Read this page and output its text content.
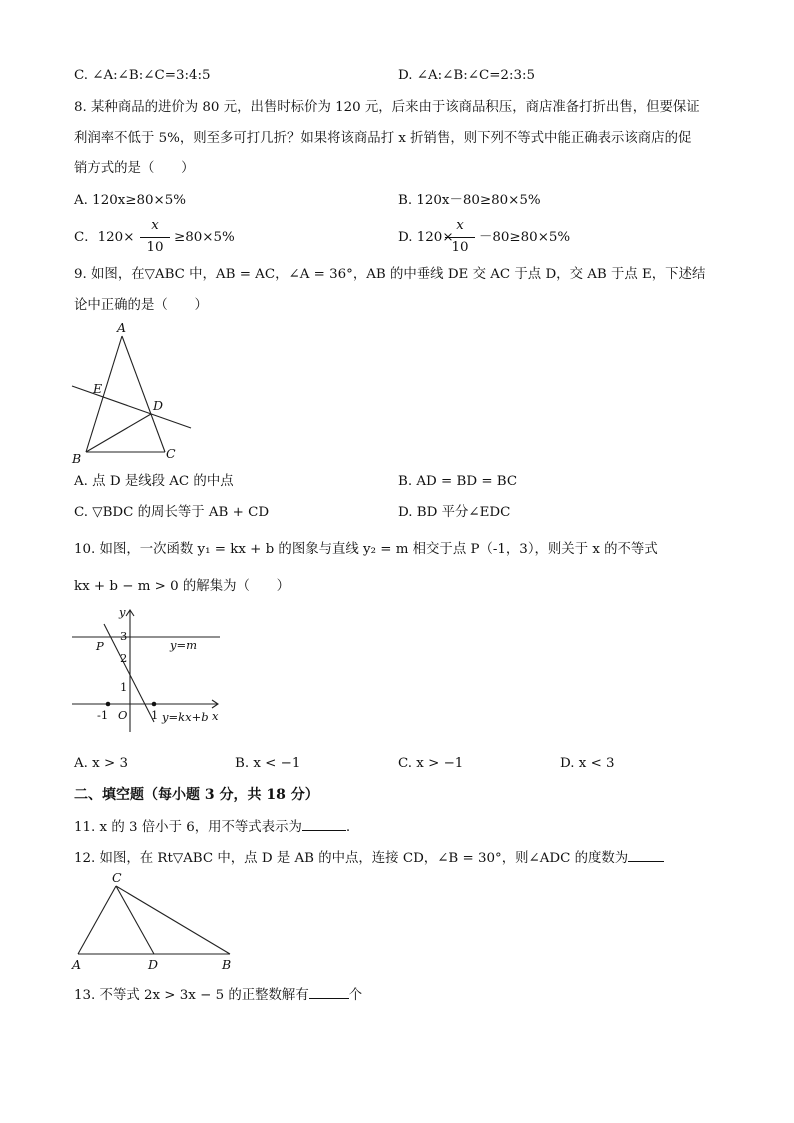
C. ∠A:∠B:∠C=3:4:5	D. ∠A:∠B:∠C=2:3:5
8. 某种商品的进价为 80 元，出售时标价为 120 元，后来由于该商品积压，商店准备打折出售，但要保证
利润率不低于 5%，则至多可打几折？如果将该商品打 x 折销售，则下列不等式中能正确表示该商店的促
销方式的是（　　）
A. 120x≥80×5%	B. 120x－80≥80×5%
C．120×
x
10
≥80×5%	D. 120×
x
10
－80≥80×5%
9. 如图，在▽ABC 中，AB = AC，∠A = 36°，AB 的中垂线 DE 交 AC 于点 D，交 AB 于点 E，下述结
论中正确的是（　　）
A
B	C
D
E
A. 点 D 是线段 AC 的中点	B. AD = BD = BC
C. ▽BDC 的周长等于 AB + CD	D. BD 平分∠EDC
10. 如图，一次函数 y₁ = kx + b 的图象与直线 y₂ = m 相交于点 P（-1，3），则关于 x 的不等式
kx + b − m > 0 的解集为（　　）
y
x
O
3
2
1
-1	1
P	y=m
y=kx+b
A. x > 3	B. x < −1	C. x > −1	D. x < 3
二、填空题（每小题 3 分，共 18 分）
11. x 的 3 倍小于 6，用不等式表示为	.
12. 如图，在 Rt▽ABC 中，点 D 是 AB 的中点，连接 CD，∠B = 30°，则∠ADC 的度数为
C
A	D	B
13. 不等式 2x > 3x − 5 的正整数解有	个
